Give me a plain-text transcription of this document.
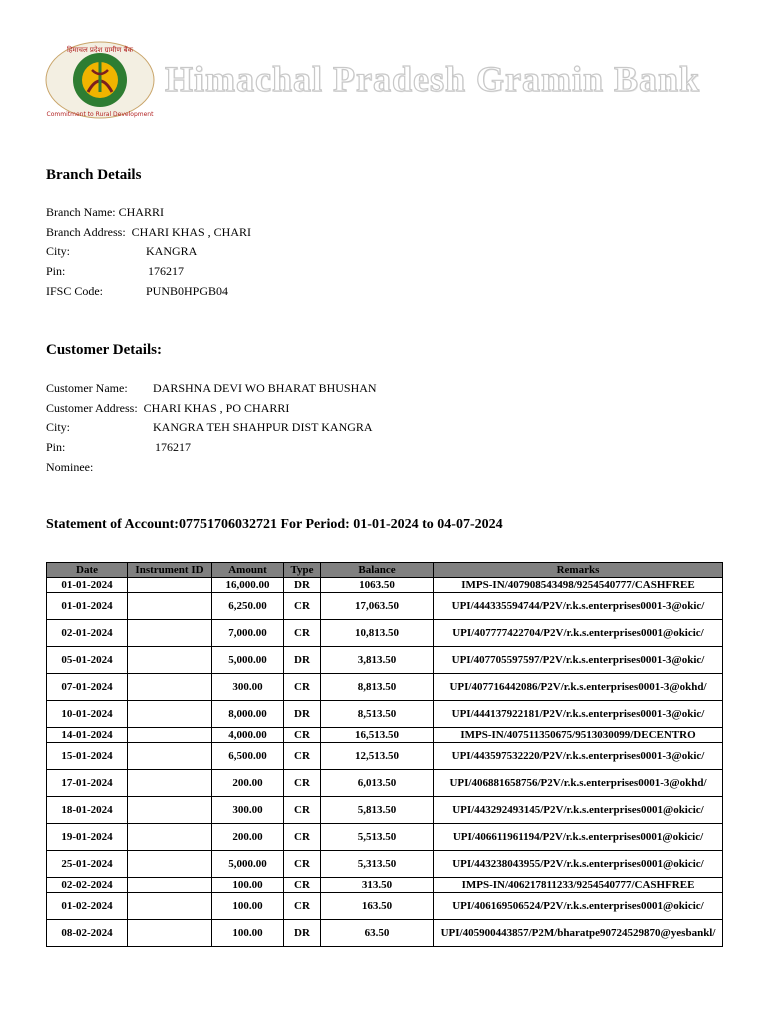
हिमाचल प्रदेश ग्रामीण बैंक
Commitment to Rural Development
Himachal Pradesh Gramin Bank
Branch Details
Branch Name:
CHARRI
Branch Address:
CHARI KHAS , CHARI
City:	KANGRA
Pin:	176217
IFSC Code:	PUNB0HPGB04
Customer Details:
Customer Name:	DARSHNA DEVI WO BHARAT BHUSHAN
Customer Address:
CHARI KHAS , PO CHARRI
City:	KANGRA TEH SHAHPUR DIST KANGRA
Pin:	176217
Nominee:
Statement of Account:07751706032721 For Period: 01-01-2024 to 04-07-2024
Date	Instrument ID	Amount	Type	Balance	Remarks
01-01-2024		16,000.00	DR	1063.50	IMPS-IN/407908543498/9254540777/CASHFREE
01-01-2024		6,250.00	CR	17,063.50	UPI/444335594744/P2V/r.k.s.enterprises0001-3@okic/
02-01-2024		7,000.00	CR	10,813.50	UPI/407777422704/P2V/r.k.s.enterprises0001@okicic/
05-01-2024		5,000.00	DR	3,813.50	UPI/407705597597/P2V/r.k.s.enterprises0001-3@okic/
07-01-2024		300.00	CR	8,813.50	UPI/407716442086/P2V/r.k.s.enterprises0001-3@okhd/
10-01-2024		8,000.00	DR	8,513.50	UPI/444137922181/P2V/r.k.s.enterprises0001-3@okic/
14-01-2024		4,000.00	CR	16,513.50	IMPS-IN/407511350675/9513030099/DECENTRO
15-01-2024		6,500.00	CR	12,513.50	UPI/443597532220/P2V/r.k.s.enterprises0001-3@okic/
17-01-2024		200.00	CR	6,013.50	UPI/406881658756/P2V/r.k.s.enterprises0001-3@okhd/
18-01-2024		300.00	CR	5,813.50	UPI/443292493145/P2V/r.k.s.enterprises0001@okicic/
19-01-2024		200.00	CR	5,513.50	UPI/406611961194/P2V/r.k.s.enterprises0001@okicic/
25-01-2024		5,000.00	CR	5,313.50	UPI/443238043955/P2V/r.k.s.enterprises0001@okicic/
02-02-2024		100.00	CR	313.50	IMPS-IN/406217811233/9254540777/CASHFREE
01-02-2024		100.00	CR	163.50	UPI/406169506524/P2V/r.k.s.enterprises0001@okicic/
08-02-2024		100.00	DR	63.50	UPI/405900443857/P2M/bharatpe90724529870@yesbankl/
